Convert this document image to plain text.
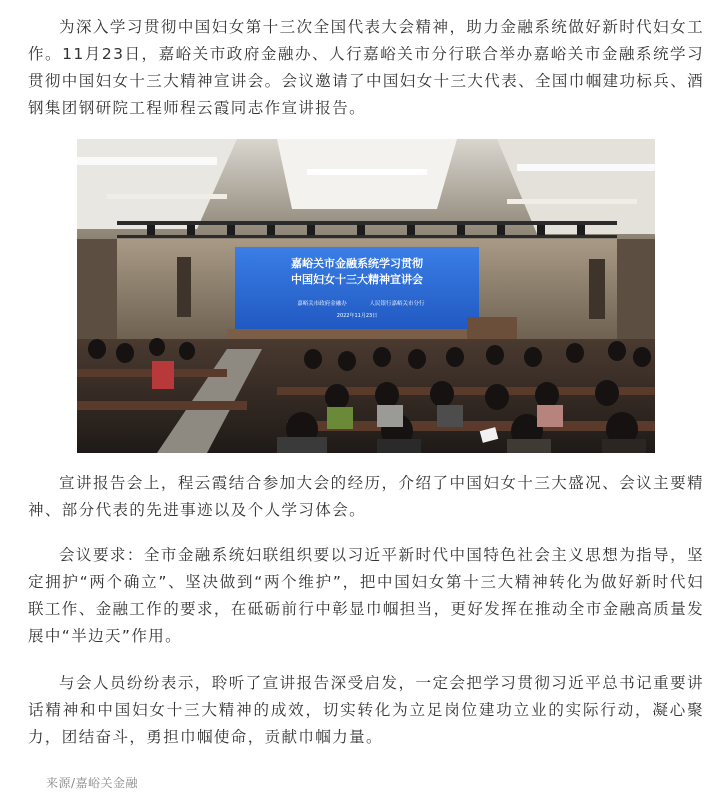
为深入学习贯彻中国妇女第十三次全国代表大会精神，助力金融系统做好新时代妇女工作。11月23日，嘉峪关市政府金融办、人行嘉峪关市分行联合举办嘉峪关市金融系统学习贯彻中国妇女十三大精神宣讲会。会议邀请了中国妇女十三大代表、全国巾帼建功标兵、酒钢集团钢研院工程师程云霞同志作宣讲报告。

嘉峪关市金融系统学习贯彻
中国妇女十三大精神宣讲会
嘉峪关市政府金融办	人民银行嘉峪关市分行
2022年11月23日

宣讲报告会上，程云霞结合参加大会的经历，介绍了中国妇女十三大盛况、会议主要精神、部分代表的先进事迹以及个人学习体会。

会议要求：全市金融系统妇联组织要以习近平新时代中国特色社会主义思想为指导，坚定拥护“两个确立”、坚决做到“两个维护”，把中国妇女第十三大精神转化为做好新时代妇联工作、金融工作的要求，在砥砺前行中彰显巾帼担当，更好发挥在推动全市金融高质量发展中“半边天”作用。

与会人员纷纷表示，聆听了宣讲报告深受启发，一定会把学习贯彻习近平总书记重要讲话精神和中国妇女十三大精神的成效，切实转化为立足岗位建功立业的实际行动，凝心聚力，团结奋斗，勇担巾帼使命，贡献巾帼力量。

来源/嘉峪关金融
